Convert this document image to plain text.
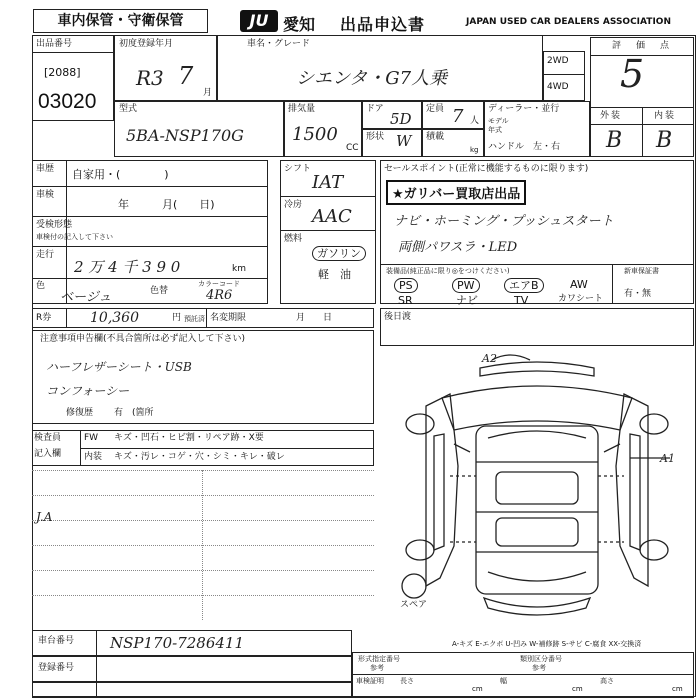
車内保管・守衛保管	JU 愛知 出品申込書	JAPAN USED CAR DEALERS ASSOCIATION
出品番号
[2088]
03020
初度登録年月
R3 7
月
車名・グレード
シエンタ・G7人乗
2WD
4WD
評　価　点
5
外装	内装
B B
型式
5BA-NSP170G
排気量
1500
CC
ドア
5D
形状 W
定員 7 人
積載
kg
ディーラー・並行
モデル
年式
ハンドル　左・右
車歴 自家用・(　　　　)
車検
年　　　月(　　日)
受検形態
車検付の記入して下さい
走行
2 万 4 千 3 9 0	km
色
ベージュ	色替
カラーコード
4R6
シフト
IAT
冷房
AAC
燃料
ガソリン
軽　油
セールスポイント(正常に機能するものに限ります)
★ガリバー買取店出品
ナビ・ホーミング・プッシュスタート
両側パワスラ・LED
装備品(純正品に限り◎をつけください)	新車保証書
有・無
PS	PW	エアB	AW
SR	ナビ	TV	カワシート
R券	10,360	円 預託済 名変期限	月　　日	後日渡
注意事項申告欄(不具合箇所は必ず記入して下さい)
ハーフレザーシート・USB
コンフォーシー
修復歴 有　(箇所
検査員
記入欄
FW キズ・凹石・ヒビ割・リペア跡・X要
内装 キズ・汚レ・コゲ・穴・シミ・キレ・破レ
J.A
A2
A1
スペア
A-キズ E-エクボ U-凹み W-補修跡 S-サビ C-腐食 XX-交換済
車台番号 NSP170-7286411
登録番号
形式指定番号	類別区分番号
参考	参考
車検証明 長さ
cm
幅
cm
高さ
cm
